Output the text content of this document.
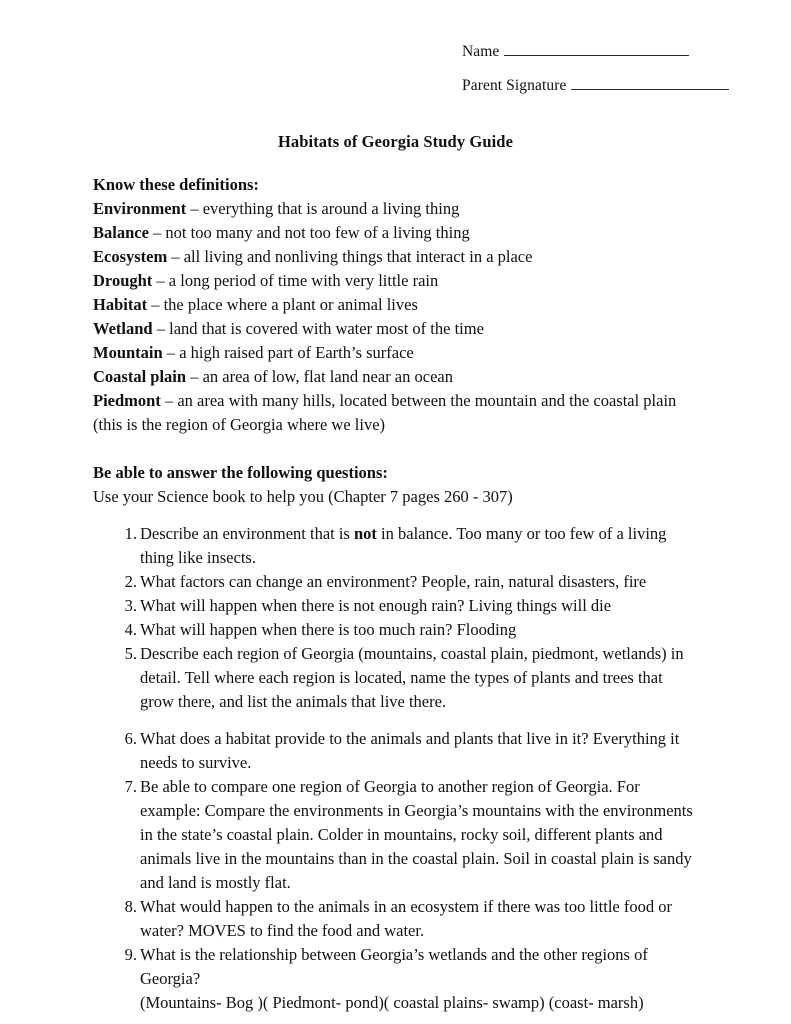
Name
Parent Signature
Habitats of Georgia Study Guide
Know these definitions:
Environment – everything that is around a living thing
Balance – not too many and not too few of a living thing
Ecosystem – all living and nonliving things that interact in a place
Drought – a long period of time with very little rain
Habitat – the place where a plant or animal lives
Wetland – land that is covered with water most of the time
Mountain – a high raised part of Earth’s surface
Coastal plain – an area of low, flat land near an ocean
Piedmont – an area with many hills, located between the mountain and the coastal plain (this is the region of Georgia where we live)
Be able to answer the following questions:
Use your Science book to help you (Chapter 7 pages 260 - 307)
1. Describe an environment that is not in balance. Too many or too few of a living thing like insects.
2. What factors can change an environment? People, rain, natural disasters, fire
3. What will happen when there is not enough rain? Living things will die
4. What will happen when there is too much rain? Flooding
5. Describe each region of Georgia (mountains, coastal plain, piedmont, wetlands) in detail. Tell where each region is located, name the types of plants and trees that grow there, and list the animals that live there.
6. What does a habitat provide to the animals and plants that live in it? Everything it needs to survive.
7. Be able to compare one region of Georgia to another region of Georgia. For example: Compare the environments in Georgia’s mountains with the environments in the state’s coastal plain. Colder in mountains, rocky soil, different plants and animals live in the mountains than in the coastal plain. Soil in coastal plain is sandy and land is mostly flat.
8. What would happen to the animals in an ecosystem if there was too little food or water? MOVES to find the food and water.
9. What is the relationship between Georgia’s wetlands and the other regions of Georgia?
(Mountains- Bog )( Piedmont- pond)( coastal plains- swamp) (coast- marsh)
